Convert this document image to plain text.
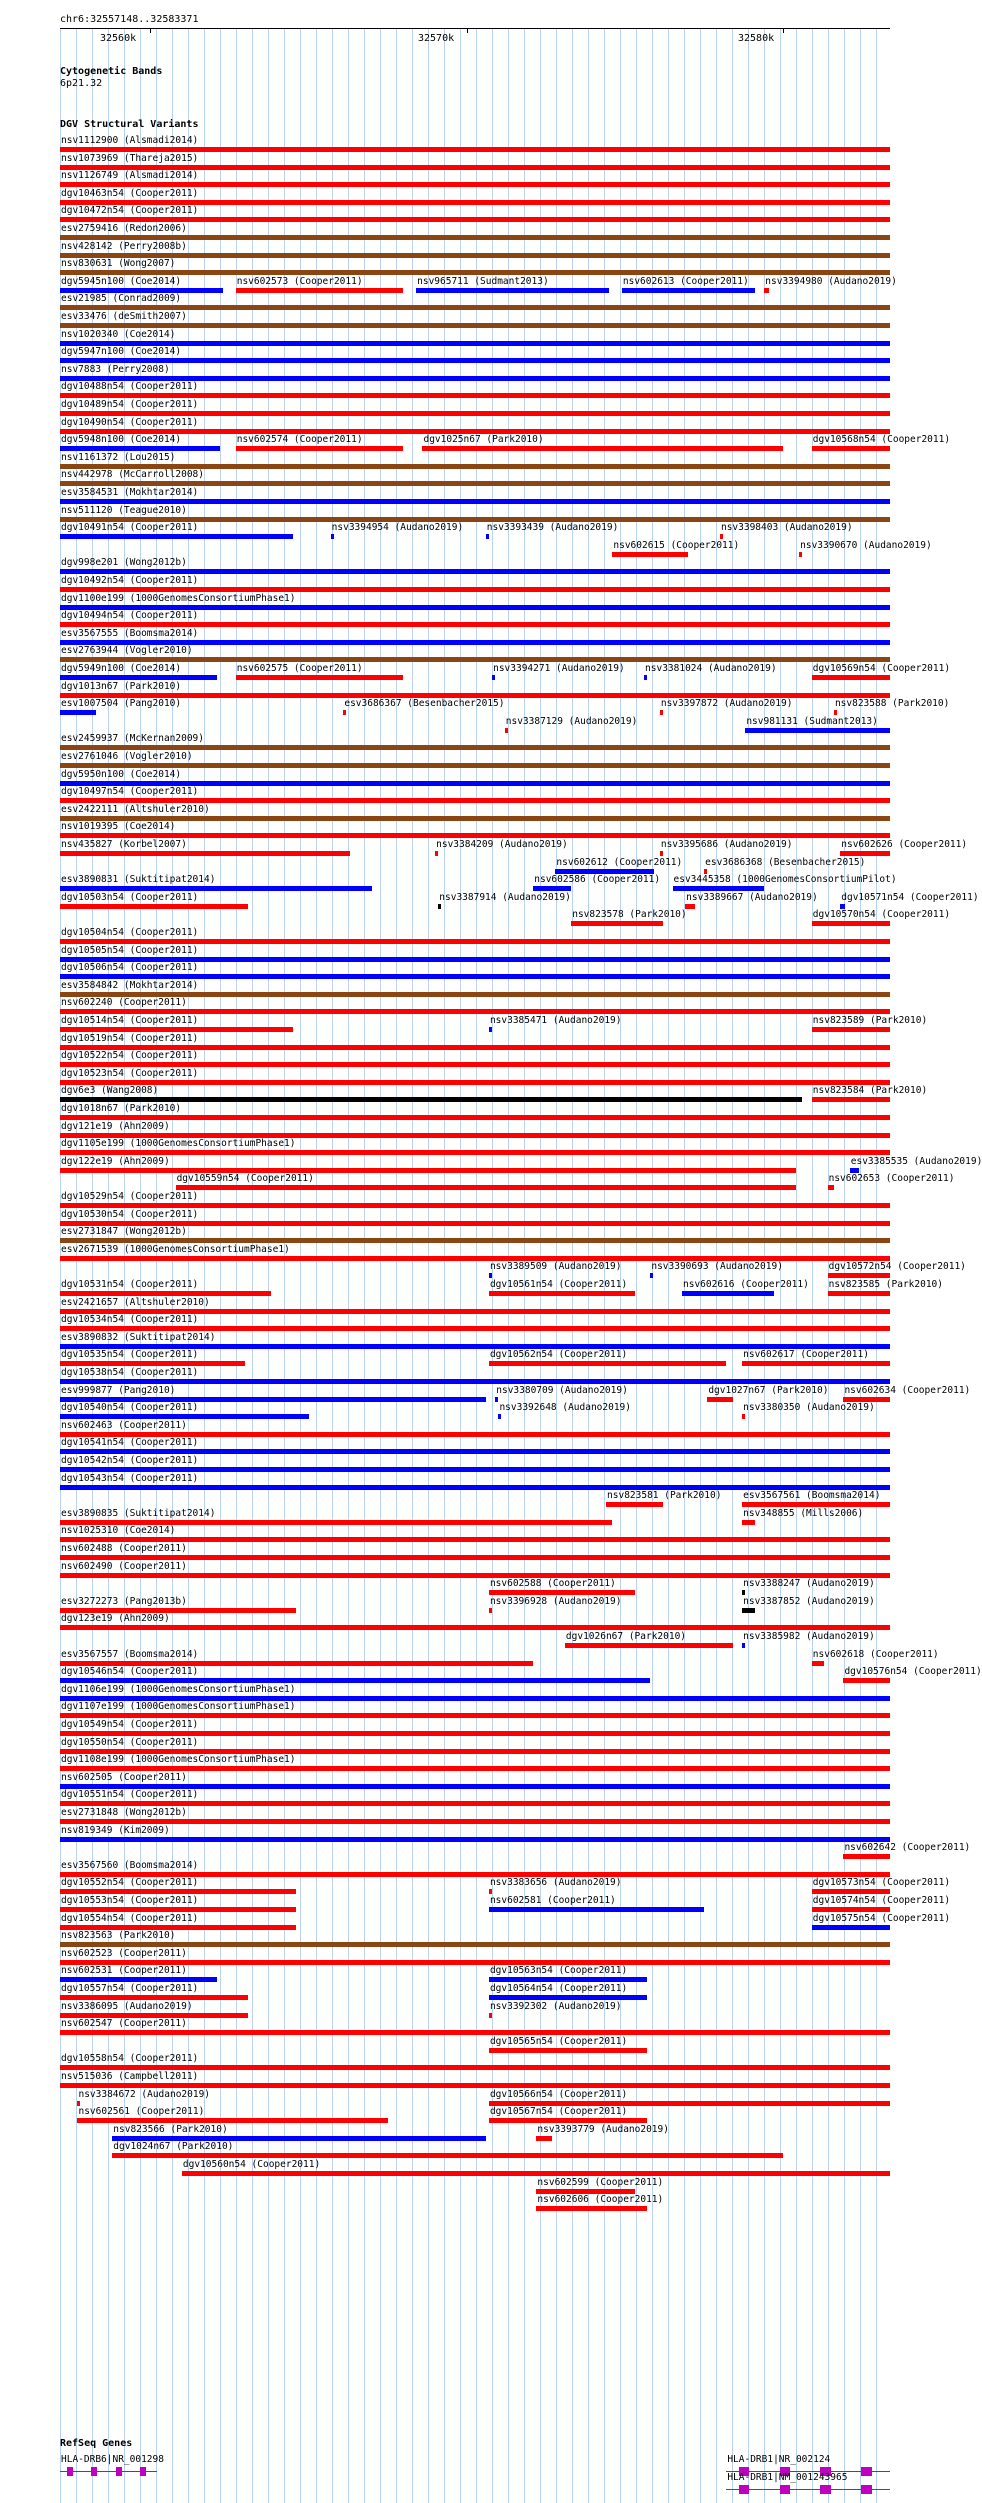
chr6:32557148..32583371
32560k	32570k	32580k
Cytogenetic Bands
6p21.32
DGV Structural Variants
nsv1112900 (Alsmadi2014)
nsv1073969 (Thareja2015)
nsv1126749 (Alsmadi2014)
dgv10463n54 (Cooper2011)
dgv10472n54 (Cooper2011)
esv2759416 (Redon2006)
nsv428142 (Perry2008b)
nsv830631 (Wong2007)
dgv5945n100 (Coe2014)	nsv602573 (Cooper2011)	nsv965711 (Sudmant2013)	nsv602613 (Cooper2011) nsv3394980 (Audano2019)
esv21985 (Conrad2009)
esv33476 (deSmith2007)
nsv1020340 (Coe2014)
dgv5947n100 (Coe2014)
nsv7883 (Perry2008)
dgv10488n54 (Cooper2011)
dgv10489n54 (Cooper2011)
dgv10490n54 (Cooper2011)
dgv5948n100 (Coe2014)	nsv602574 (Cooper2011)	dgv1025n67 (Park2010)	dgv10568n54 (Cooper2011)
nsv1161372 (Lou2015)
nsv442978 (McCarroll2008)
esv3584531 (Mokhtar2014)
nsv511120 (Teague2010)
dgv10491n54 (Cooper2011)	nsv3394954 (Audano2019) nsv3393439 (Audano2019)
nsv602615 (Cooper2011)
nsv3398403 (Audano2019)
dgv998e201 (Wong2012b)
dgv10492n54 (Cooper2011)
dgv1100e199 (1000GenomesConsortiumPhase1)
dgv10494n54 (Cooper2011)
esv3567555 (Boomsma2014)
nsv3390670 (Audano2019)
esv2763944 (Vogler2010)
dgv5949n100 (Coe2014)	nsv602575 (Cooper2011)	nsv3394271 (Audano2019) nsv3381024 (Audano2019)	dgv10569n54 (Cooper2011)
dgv1013n67 (Park2010)
esv1007504 (Pang2010)	esv3686367 (Besenbacher2015)
nsv3387129 (Audano2019)
nsv3397872 (Audano2019)	nsv823588 (Park2010)
esv2459937 (McKernan2009)
esv2761046 (Vogler2010)
dgv5950n100 (Coe2014)
dgv10497n54 (Cooper2011)
esv2422111 (Altshuler2010)
nsv1019395 (Coe2014)
nsv435827 (Korbel2007)	nsv3384209 (Audano2019)
nsv602612 (Cooper2011)
nsv981131 (Sudmant2013)
esv3890831 (Suktitipat2014)	nsv602586 (Cooper2011)
nsv3395686 (Audano2019)	nsv602626 (Cooper2011)
dgv10503n54 (Cooper2011)	nsv3387914 (Audano2019)
nsv823578 (Park2010)
esv3686368 (Besenbacher2015)
dgv10504n54 (Cooper2011)
dgv10505n54 (Cooper2011)
dgv10506n54 (Cooper2011)
esv3584842 (Mokhtar2014)
nsv602240 (Cooper2011)
dgv10514n54 (Cooper2011)
esv3445358 (1000GenomesConsortiumPilot)
dgv10519n54 (Cooper2011)
dgv10522n54 (Cooper2011)
nsv3385471 (Audano2019)
nsv3389667 (Audano2019)
dgv10570n54 (Cooper2011)
dgv10523n54 (Cooper2011)
dgv6e3 (Wang2008)
nsv823589 (Park2010)
dgv1018n67 (Park2010)
dgv121e19 (Ahn2009)
dgv1105e199 (1000GenomesConsortiumPhase1)
dgv122e19 (Ahn2009)
dgv10559n54 (Cooper2011)
nsv823584 (Park2010)
dgv10529n54 (Cooper2011)
dgv10530n54 (Cooper2011)
esv2731847 (Wong2012b)
esv2671539 (1000GenomesConsortiumPhase1)
nsv3389509 (Audano2019)	nsv3390693 (Audano2019)
dgv10571n54 (Cooper2011)
dgv10531n54 (Cooper2011)	dgv10561n54 (Cooper2011)	nsv602616 (Cooper2011)
esv3385535 (Audano2019)
esv2421657 (Altshuler2010)
dgv10534n54 (Cooper2011)
esv3890832 (Suktitipat2014)
dgv10535n54 (Cooper2011)	dgv10562n54 (Cooper2011)	nsv602617 (Cooper2011)
dgv10538n54 (Cooper2011)
esv999877 (Pang2010)	nsv3380709 (Audano2019)	dgv1027n67 (Park2010)
nsv602653 (Cooper2011)
dgv10540n54 (Cooper2011)	nsv3392648 (Audano2019)	nsv3380350 (Audano2019)
nsv602463 (Cooper2011)
dgv10541n54 (Cooper2011)
dgv10542n54 (Cooper2011)
dgv10543n54 (Cooper2011)
nsv823581 (Park2010) esv3567561 (Boomsma2014)
esv3890835 (Suktitipat2014)	nsv348855 (Mills2006)
nsv1025310 (Coe2014)
nsv602488 (Cooper2011)
nsv602490 (Cooper2011)
nsv602588 (Cooper2011)	nsv3388247 (Audano2019)
esv3272273 (Pang2013b)	nsv3396928 (Audano2019)	nsv3387852 (Audano2019)
dgv123e19 (Ahn2009)
dgv1026n67 (Park2010)
dgv10572n54 (Cooper2011)
esv3567557 (Boomsma2014)
nsv3385982 (Audano2019)
dgv10546n54 (Cooper2011)
nsv602618 (Cooper2011)
dgv1106e199 (1000GenomesConsortiumPhase1)
dgv1107e199 (1000GenomesConsortiumPhase1)
nsv823585 (Park2010)
dgv10549n54 (Cooper2011)
dgv10550n54 (Cooper2011)
dgv1108e199 (1000GenomesConsortiumPhase1)
nsv602505 (Cooper2011)
dgv10551n54 (Cooper2011)
nsv602634 (Cooper2011)
esv2731848 (Wong2012b)
dgv10576n54 (Cooper2011)
nsv819349 (Kim2009)
nsv602642 (Cooper2011)
esv3567560 (Boomsma2014)
dgv10552n54 (Cooper2011)	nsv3383656 (Audano2019)	dgv10573n54 (Cooper2011)
dgv10553n54 (Cooper2011)	nsv602581 (Cooper2011)	dgv10574n54 (Cooper2011)
dgv10554n54 (Cooper2011)
nsv823563 (Park2010)
dgv10575n54 (Cooper2011)
nsv602523 (Cooper2011)
nsv602531 (Cooper2011)	dgv10563n54 (Cooper2011)
dgv10557n54 (Cooper2011)	dgv10564n54 (Cooper2011)
nsv3386095 (Audano2019)	nsv3392302 (Audano2019)
nsv602547 (Cooper2011)
dgv10565n54 (Cooper2011)
dgv10558n54 (Cooper2011)
nsv515036 (Campbell2011)
nsv3384672 (Audano2019)	dgv10566n54 (Cooper2011)
nsv602561 (Cooper2011)	dgv10567n54 (Cooper2011)
nsv823566 (Park2010)
dgv1024n67 (Park2010)
dgv10560n54 (Cooper2011)
nsv3393779 (Audano2019)
nsv602599 (Cooper2011)
nsv602606 (Cooper2011)
RefSeq Genes
HLA-DRB6|NR_001298	HLA-DRB1|NR_002124
HLA-DRB1|NM_001243965
